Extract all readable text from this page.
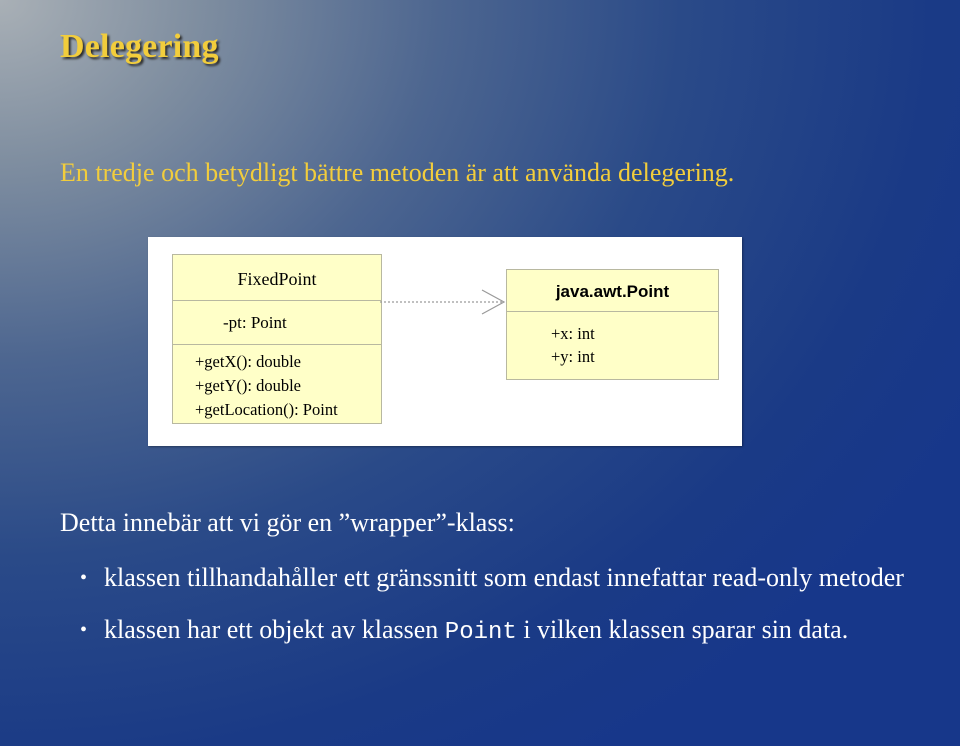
Delegering
En tredje och betydligt bättre metoden är att använda delegering.
FixedPoint
-pt: Point
+getX(): double
+getY(): double
+getLocation(): Point
java.awt.Point
+x: int
+y: int
Detta innebär att vi gör en ”wrapper”-klass:
• klassen tillhandahåller ett gränssnitt som endast innefattar read-only metoder
• klassen har ett objekt av klassen Point i vilken klassen sparar sin data.
